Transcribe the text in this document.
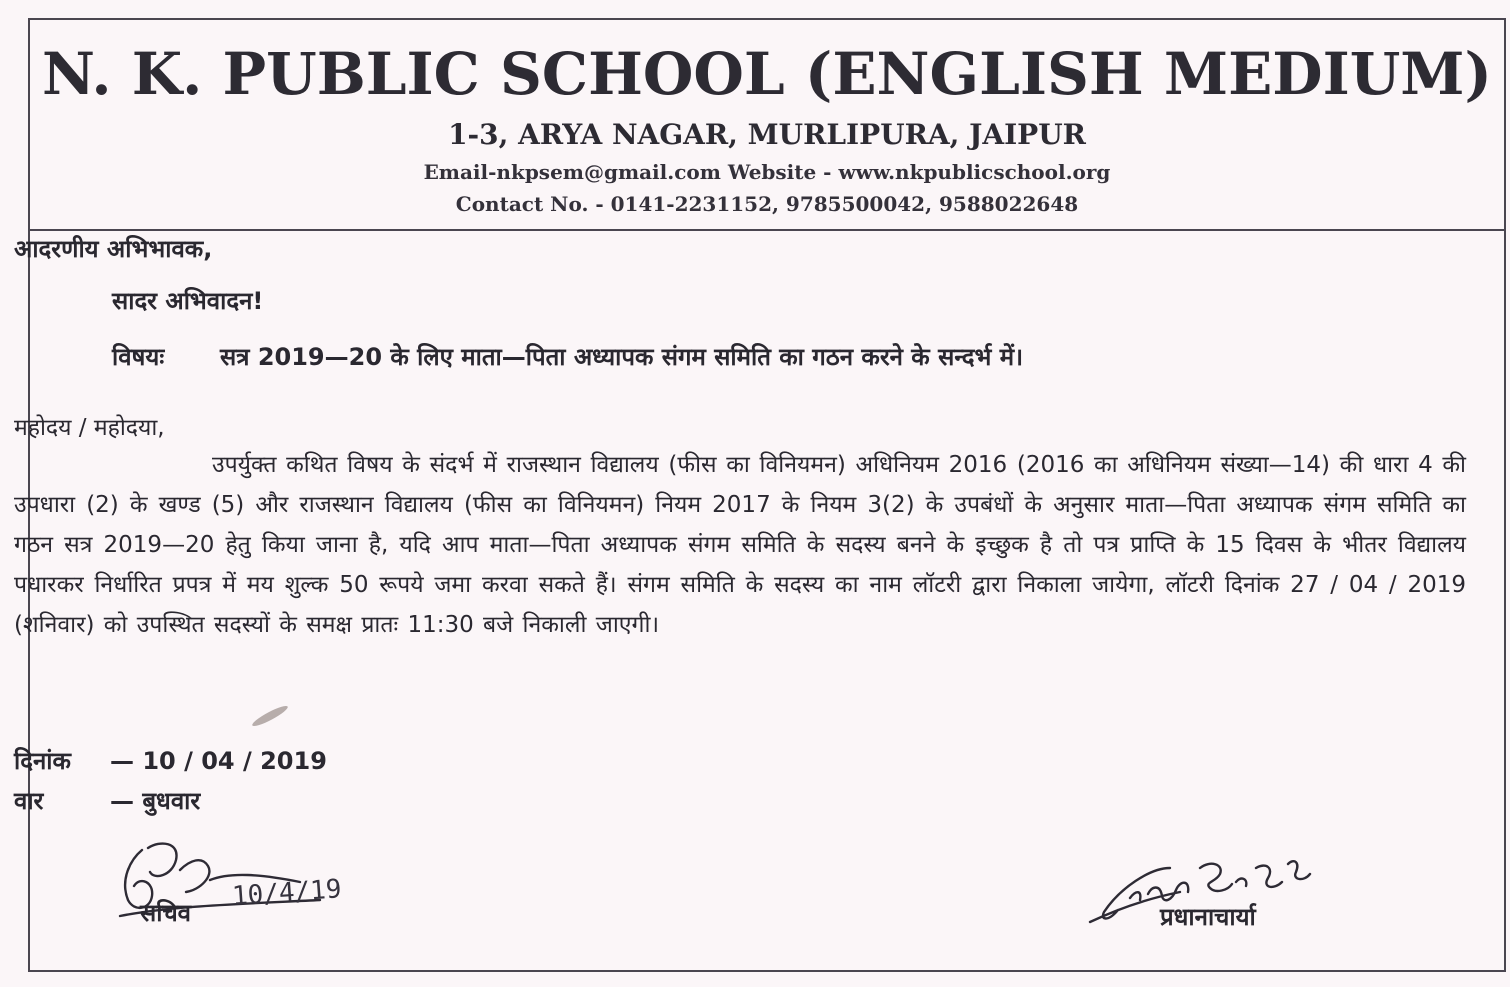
N. K. PUBLIC SCHOOL (ENGLISH MEDIUM)
1-3, ARYA NAGAR, MURLIPURA, JAIPUR
Email-nkpsem@gmail.com Website - www.nkpublicschool.org
Contact No. - 0141-2231152, 9785500042, 9588022648
आदरणीय अभिभावक,
सादर अभिवादन!
विषयः सत्र 2019—20 के लिए माता—पिता अध्यापक संगम समिति का गठन करने के सन्दर्भ में।
महोदय / महोदया,
उपर्युक्त कथित विषय के संदर्भ में राजस्थान विद्यालय (फीस का विनियमन) अधिनियम 2016 (2016 का अधिनियम संख्या—14) की धारा 4 की उपधारा (2) के खण्ड (5) और राजस्थान विद्यालय (फीस का विनियमन) नियम 2017 के नियम 3(2) के उपबंधों के अनुसार माता—पिता अध्यापक संगम समिति का गठन सत्र 2019—20 हेतु किया जाना है, यदि आप माता—पिता अध्यापक संगम समिति के सदस्य बनने के इच्छुक है तो पत्र प्राप्ति के 15 दिवस के भीतर विद्यालय पधारकर निर्धारित प्रपत्र में मय शुल्क 50 रूपये जमा करवा सकते हैं। संगम समिति के सदस्य का नाम लॉटरी द्वारा निकाला जायेगा, लॉटरी दिनांक 27 / 04 / 2019 (शनिवार) को उपस्थित सदस्यों के समक्ष प्रातः 11:30 बजे निकाली जाएगी।
दिनांक — 10 / 04 / 2019
वार	— बुधवार
10/4/19
सचिव	प्रधानाचार्या
